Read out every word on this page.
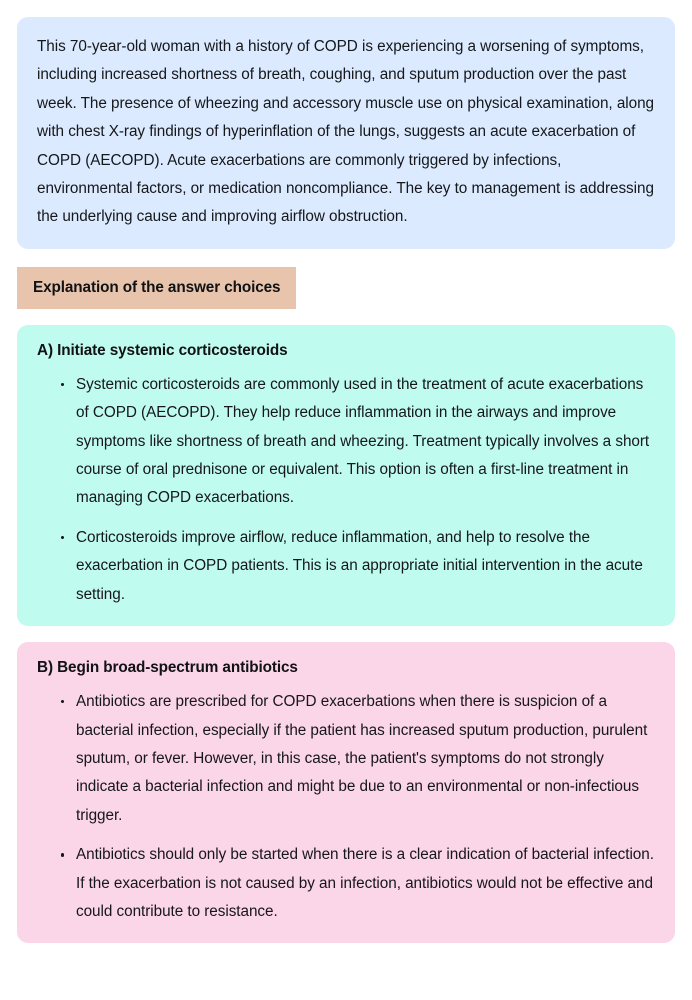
This 70-year-old woman with a history of COPD is experiencing a worsening of symptoms, including increased shortness of breath, coughing, and sputum production over the past week. The presence of wheezing and accessory muscle use on physical examination, along with chest X-ray findings of hyperinflation of the lungs, suggests an acute exacerbation of COPD (AECOPD). Acute exacerbations are commonly triggered by infections, environmental factors, or medication noncompliance. The key to management is addressing the underlying cause and improving airflow obstruction.

Explanation of the answer choices
A) Initiate systemic corticosteroids
Systemic corticosteroids are commonly used in the treatment of acute exacerbations of COPD (AECOPD). They help reduce inflammation in the airways and improve symptoms like shortness of breath and wheezing. Treatment typically involves a short course of oral prednisone or equivalent. This option is often a first-line treatment in managing COPD exacerbations.
Corticosteroids improve airflow, reduce inflammation, and help to resolve the exacerbation in COPD patients. This is an appropriate initial intervention in the acute setting.
B) Begin broad-spectrum antibiotics
Antibiotics are prescribed for COPD exacerbations when there is suspicion of a bacterial infection, especially if the patient has increased sputum production, purulent sputum, or fever. However, in this case, the patient's symptoms do not strongly indicate a bacterial infection and might be due to an environmental or non-infectious trigger.
Antibiotics should only be started when there is a clear indication of bacterial infection. If the exacerbation is not caused by an infection, antibiotics would not be effective and could contribute to resistance.
